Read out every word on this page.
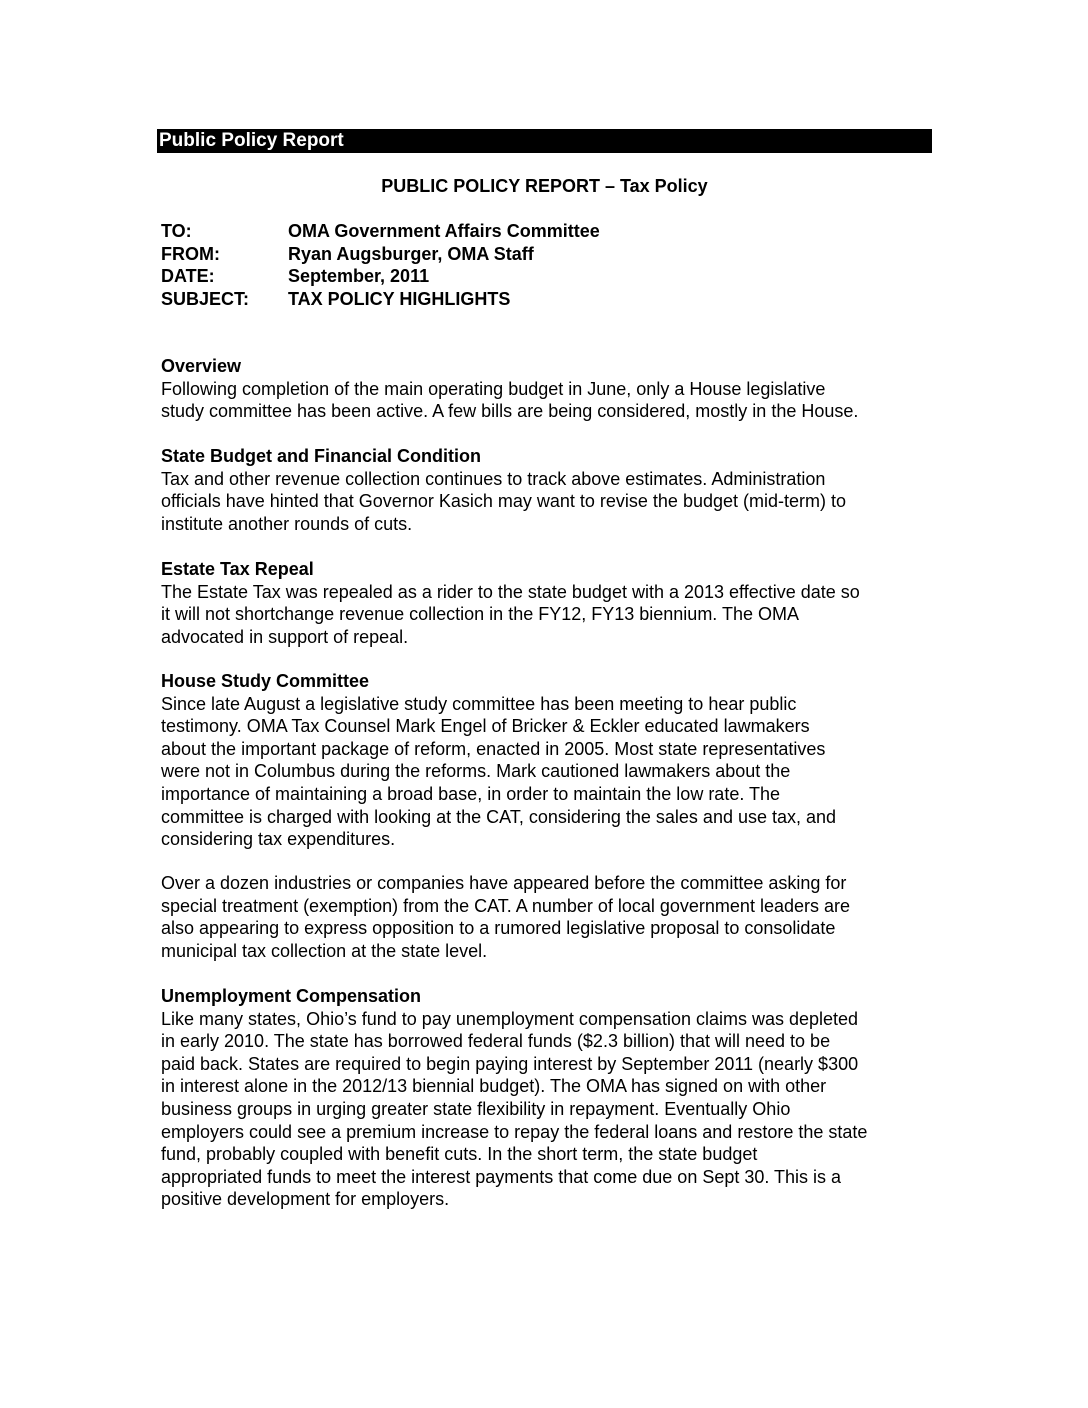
Public Policy Report
PUBLIC POLICY REPORT – Tax Policy
TO:	OMA Government Affairs Committee
FROM:	Ryan Augsburger, OMA Staff
DATE:	September, 2011
SUBJECT:	TAX POLICY HIGHLIGHTS
Overview
Following completion of the main operating budget in June, only a House legislative
study committee has been active. A few bills are being considered, mostly in the House.
State Budget and Financial Condition
Tax and other revenue collection continues to track above estimates. Administration
officials have hinted that Governor Kasich may want to revise the budget (mid-term) to
institute another rounds of cuts.
Estate Tax Repeal
The Estate Tax was repealed as a rider to the state budget with a 2013 effective date so
it will not shortchange revenue collection in the FY12, FY13 biennium. The OMA
advocated in support of repeal.
House Study Committee
Since late August a legislative study committee has been meeting to hear public
testimony. OMA Tax Counsel Mark Engel of Bricker & Eckler educated lawmakers
about the important package of reform, enacted in 2005. Most state representatives
were not in Columbus during the reforms. Mark cautioned lawmakers about the
importance of maintaining a broad base, in order to maintain the low rate. The
committee is charged with looking at the CAT, considering the sales and use tax, and
considering tax expenditures.
Over a dozen industries or companies have appeared before the committee asking for
special treatment (exemption) from the CAT. A number of local government leaders are
also appearing to express opposition to a rumored legislative proposal to consolidate
municipal tax collection at the state level.
Unemployment Compensation
Like many states, Ohio’s fund to pay unemployment compensation claims was depleted
in early 2010. The state has borrowed federal funds ($2.3 billion) that will need to be
paid back. States are required to begin paying interest by September 2011 (nearly $300
in interest alone in the 2012/13 biennial budget). The OMA has signed on with other
business groups in urging greater state flexibility in repayment. Eventually Ohio
employers could see a premium increase to repay the federal loans and restore the state
fund, probably coupled with benefit cuts. In the short term, the state budget
appropriated funds to meet the interest payments that come due on Sept 30. This is a
positive development for employers.
